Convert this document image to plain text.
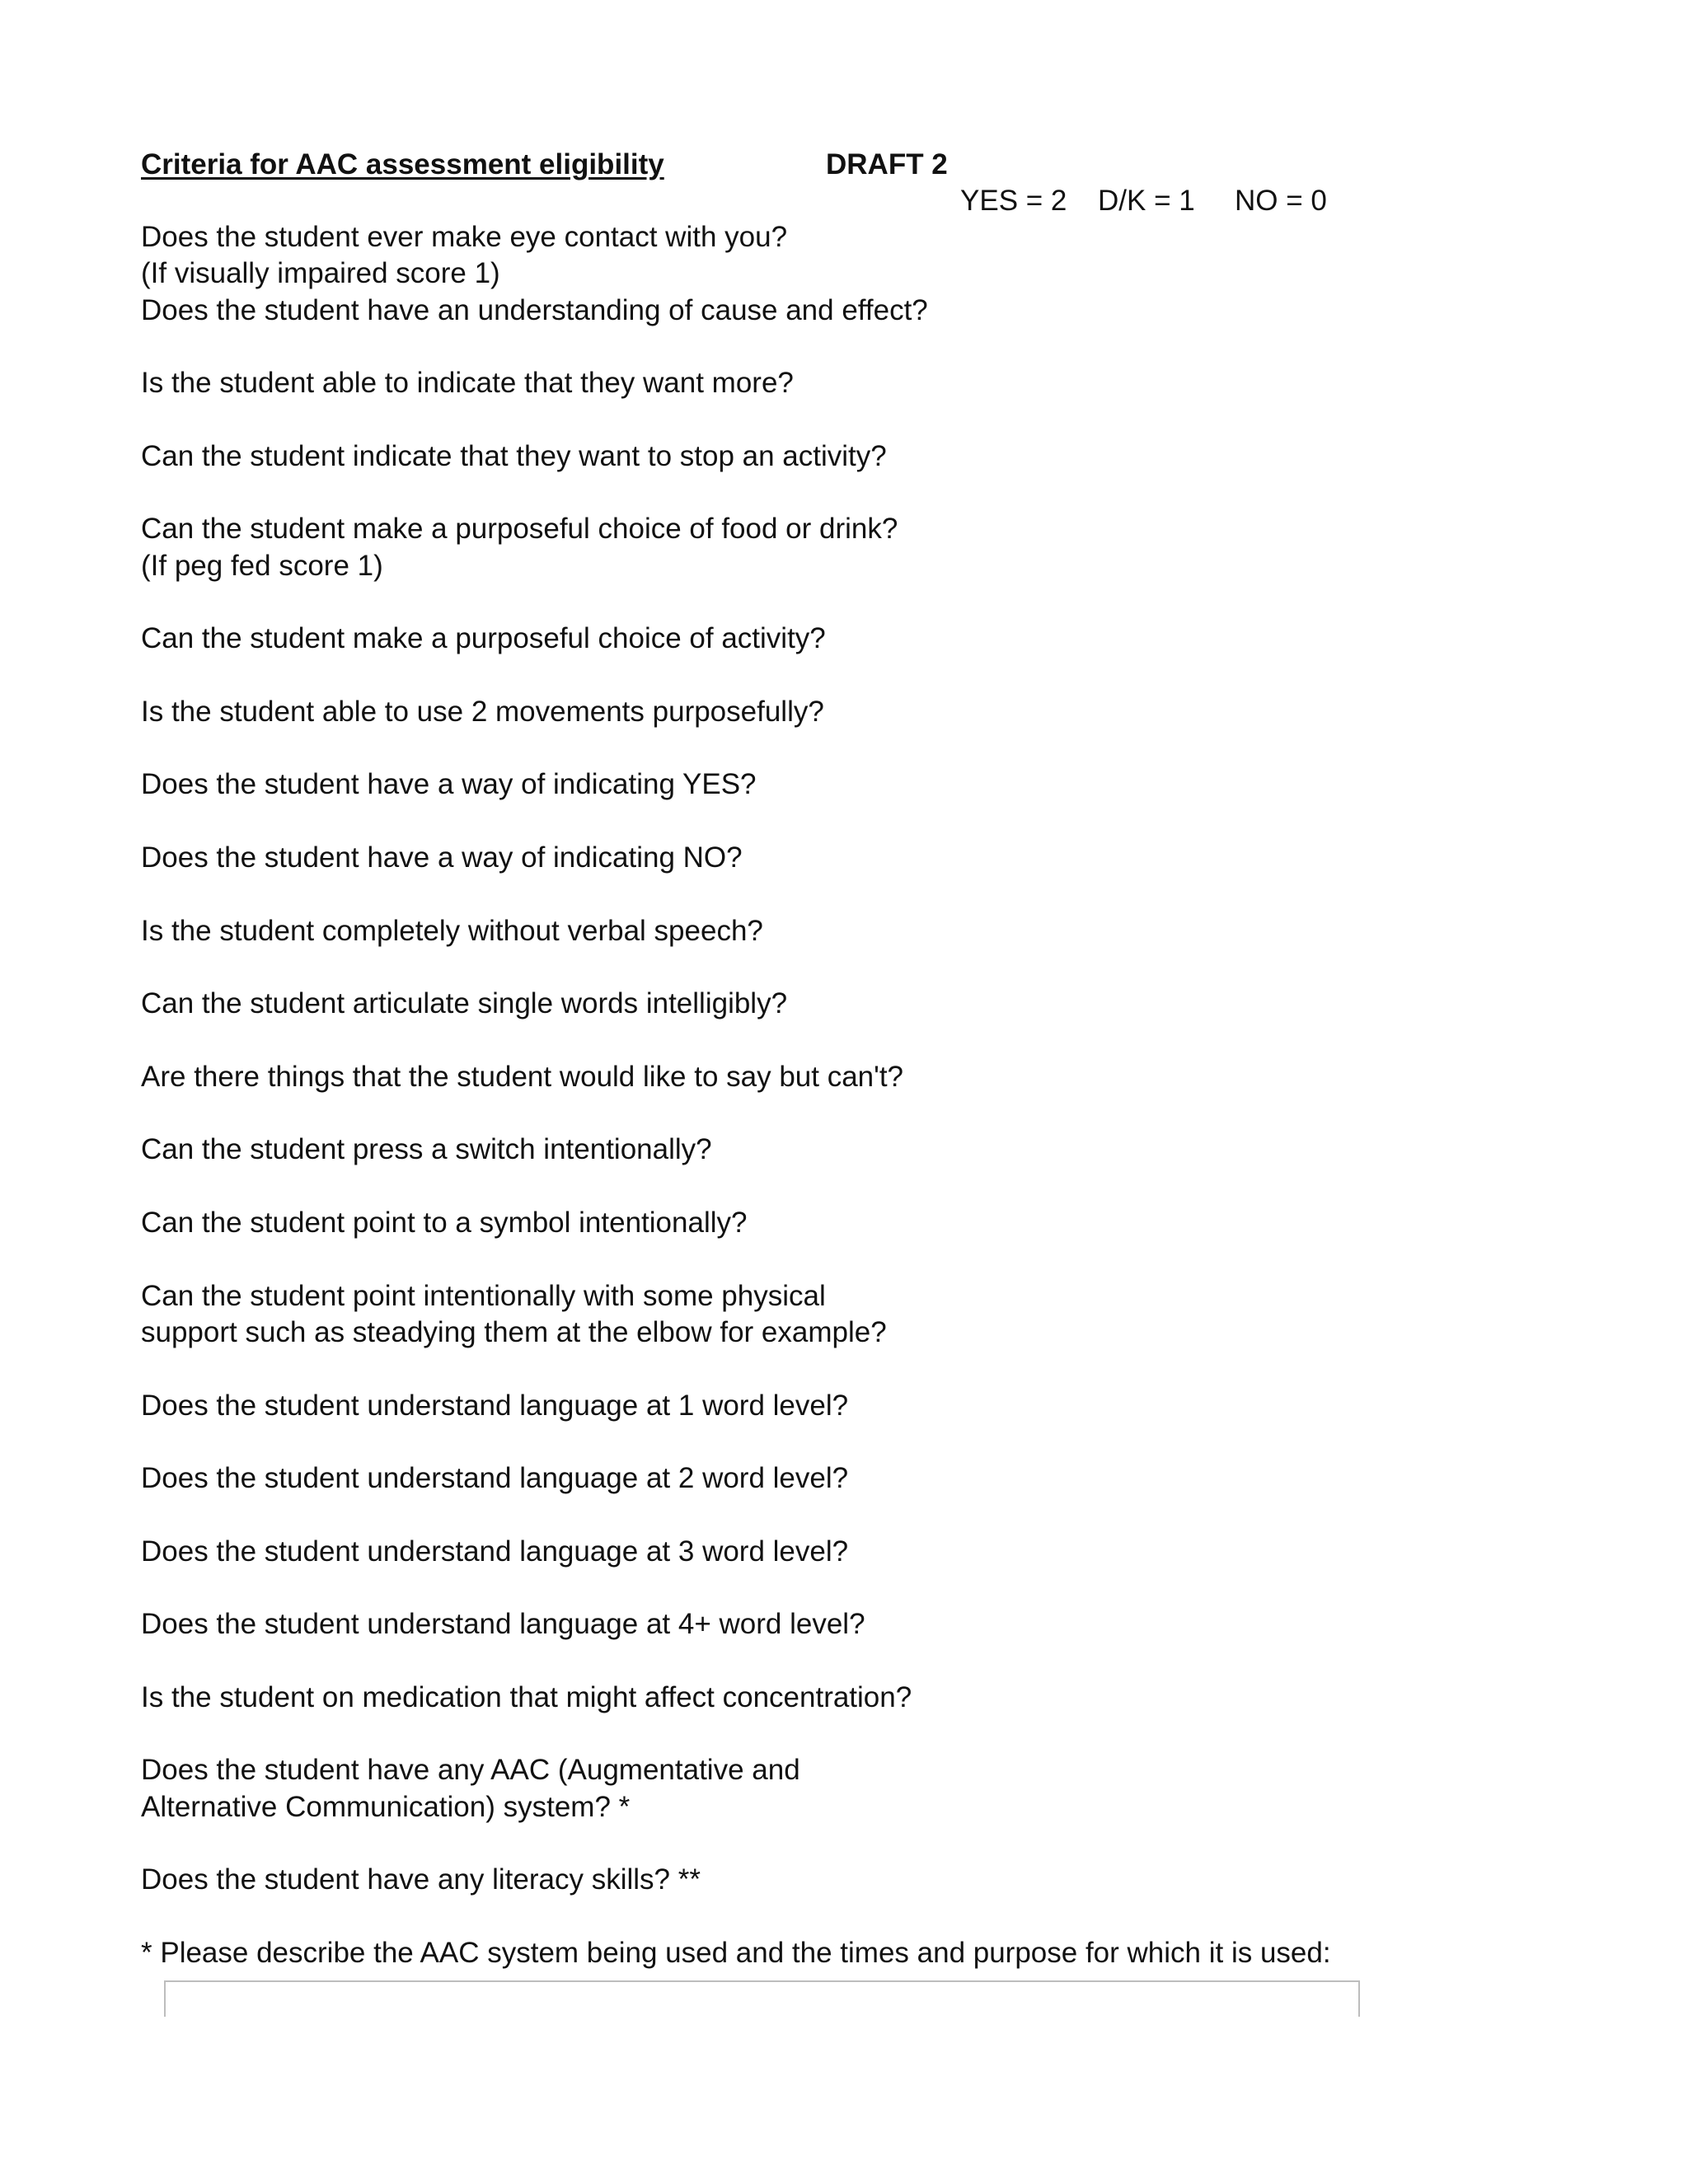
Criteria for AAC assessment eligibility	DRAFT 2
YES = 2 D/K = 1 NO = 0
Does the student ever make eye contact with you?
(If visually impaired score 1)
Does the student have an understanding of cause and effect?
Is the student able to indicate that they want more?
Can the student indicate that they want to stop an activity?
Can the student make a purposeful choice of food or drink?
(If peg fed score 1)
Can the student make a purposeful choice of activity?
Is the student able to use 2 movements purposefully?
Does the student have a way of indicating YES?
Does the student have a way of indicating NO?
Is the student completely without verbal speech?
Can the student articulate single words intelligibly?
Are there things that the student would like to say but can't?
Can the student press a switch intentionally?
Can the student point to a symbol intentionally?
Can the student point intentionally with some physical
support such as steadying them at the elbow for example?
Does the student understand language at 1 word level?
Does the student understand language at 2 word level?
Does the student understand language at 3 word level?
Does the student understand language at 4+ word level?
Is the student on medication that might affect concentration?
Does the student have any AAC (Augmentative and
Alternative Communication) system? *
Does the student have any literacy skills? **
* Please describe the AAC system being used and the times and purpose for which it is used:
